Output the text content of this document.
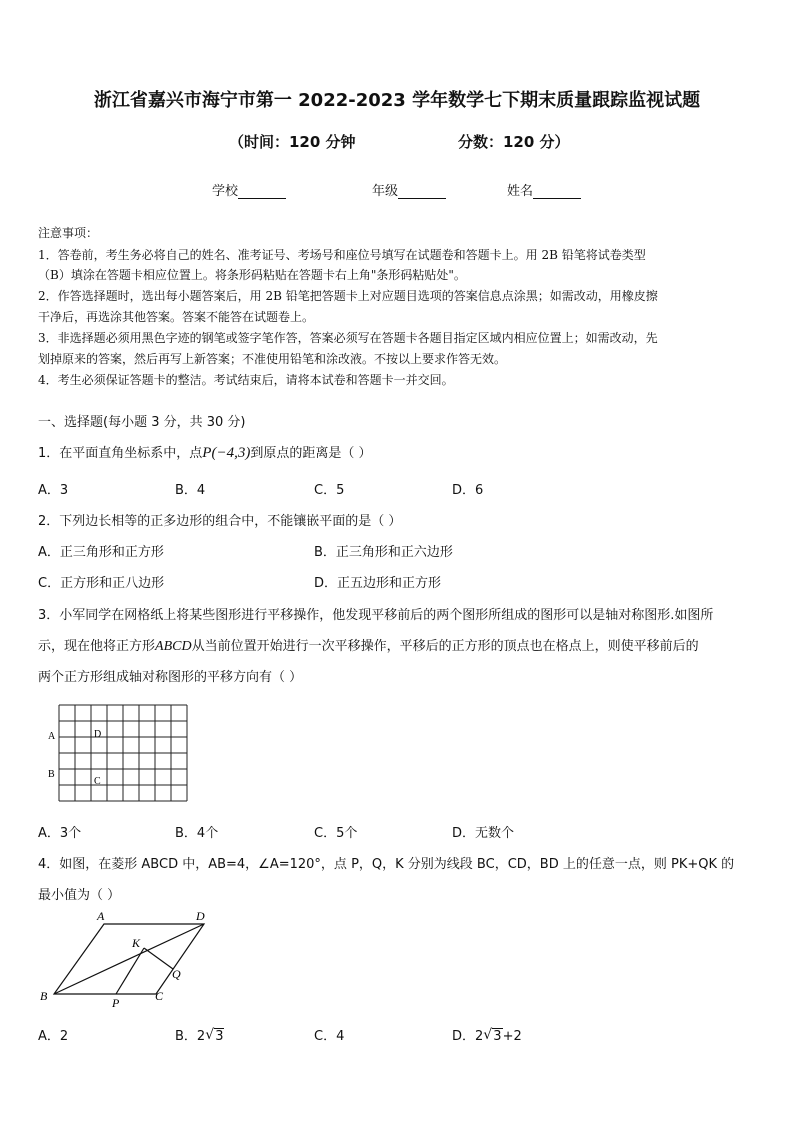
浙江省嘉兴市海宁市第一 2022-2023 学年数学七下期末质量跟踪监视试题
（时间：120 分钟	分数：120 分）
学校	年级	姓名
注意事项：
1．答卷前，考生务必将自己的姓名、准考证号、考场号和座位号填写在试题卷和答题卡上。用 2B 铅笔将试卷类型
（B）填涂在答题卡相应位置上。将条形码粘贴在答题卡右上角"条形码粘贴处"。
2．作答选择题时，选出每小题答案后，用 2B 铅笔把答题卡上对应题目选项的答案信息点涂黑；如需改动，用橡皮擦
干净后，再选涂其他答案。答案不能答在试题卷上。
3．非选择题必须用黑色字迹的钢笔或签字笔作答，答案必须写在答题卡各题目指定区域内相应位置上；如需改动，先
划掉原来的答案，然后再写上新答案；不准使用铅笔和涂改液。不按以上要求作答无效。
4．考生必须保证答题卡的整洁。考试结束后，请将本试卷和答题卡一并交回。
一、选择题(每小题 3 分，共 30 分)
1．在平面直角坐标系中，点P(−4,3)到原点的距离是（ ）
A．3	B．4	C．5	D．6
2．下列边长相等的正多边形的组合中，不能镶嵌平面的是（ ）
A．正三角形和正方形	B．正三角形和正六边形
C．正方形和正八边形	D．正五边形和正方形
3．小军同学在网格纸上将某些图形进行平移操作，他发现平移前后的两个图形所组成的图形可以是轴对称图形.如图所
示，现在他将正方形ABCD从当前位置开始进行一次平移操作，平移后的正方形的顶点也在格点上，则使平移前后的
两个正方形组成轴对称图形的平移方向有（ ）
A	D
B
C
A．3个	B．4个	C．5个	D．无数个
4．如图，在菱形 ABCD 中，AB=4，∠A=120°，点 P，Q，K 分别为线段 BC，CD，BD 上的任意一点，则 PK+QK 的
最小值为（ ）
A	D
K
Q
B	P	C
A．2	B．2 √ 3	C．4	D．2 √ 3+2
